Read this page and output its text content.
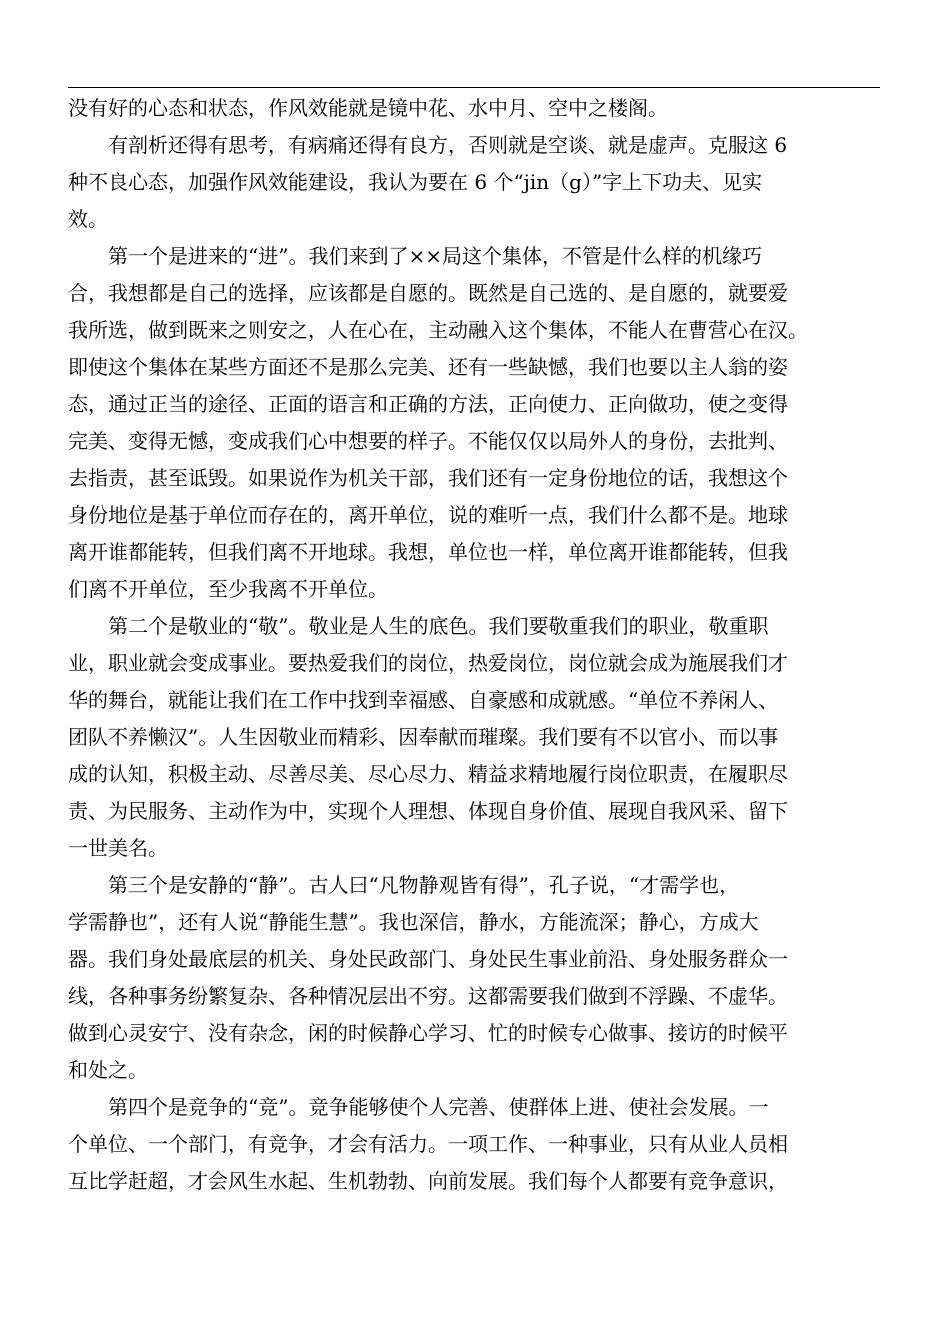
没有好的心态和状态，作风效能就是镜中花、水中月、空中之楼阁。
　　有剖析还得有思考，有病痛还得有良方，否则就是空谈、就是虚声。克服这 6
种不良心态，加强作风效能建设，我认为要在 6 个“jin（g）”字上下功夫、见实
效。
　　第一个是进来的“进”。我们来到了××局这个集体，不管是什么样的机缘巧
合，我想都是自己的选择，应该都是自愿的。既然是自己选的、是自愿的，就要爱
我所选，做到既来之则安之，人在心在，主动融入这个集体，不能人在曹营心在汉。
即使这个集体在某些方面还不是那么完美、还有一些缺憾，我们也要以主人翁的姿
态，通过正当的途径、正面的语言和正确的方法，正向使力、正向做功，使之变得
完美、变得无憾，变成我们心中想要的样子。不能仅仅以局外人的身份，去批判、
去指责，甚至诋毁。如果说作为机关干部，我们还有一定身份地位的话，我想这个
身份地位是基于单位而存在的，离开单位，说的难听一点，我们什么都不是。地球
离开谁都能转，但我们离不开地球。我想，单位也一样，单位离开谁都能转，但我
们离不开单位，至少我离不开单位。
　　第二个是敬业的“敬”。敬业是人生的底色。我们要敬重我们的职业，敬重职
业，职业就会变成事业。要热爱我们的岗位，热爱岗位，岗位就会成为施展我们才
华的舞台，就能让我们在工作中找到幸福感、自豪感和成就感。“单位不养闲人、
团队不养懒汉”。人生因敬业而精彩、因奉献而璀璨。我们要有不以官小、而以事
成的认知，积极主动、尽善尽美、尽心尽力、精益求精地履行岗位职责，在履职尽
责、为民服务、主动作为中，实现个人理想、体现自身价值、展现自我风采、留下
一世美名。
　　第三个是安静的“静”。古人曰“凡物静观皆有得”，孔子说，“才需学也，
学需静也”，还有人说“静能生慧”。我也深信，静水，方能流深；静心，方成大
器。我们身处最底层的机关、身处民政部门、身处民生事业前沿、身处服务群众一
线，各种事务纷繁复杂、各种情况层出不穷。这都需要我们做到不浮躁、不虚华。
做到心灵安宁、没有杂念，闲的时候静心学习、忙的时候专心做事、接访的时候平
和处之。
　　第四个是竞争的“竞”。竞争能够使个人完善、使群体上进、使社会发展。一
个单位、一个部门，有竞争，才会有活力。一项工作、一种事业，只有从业人员相
互比学赶超，才会风生水起、生机勃勃、向前发展。我们每个人都要有竞争意识，
